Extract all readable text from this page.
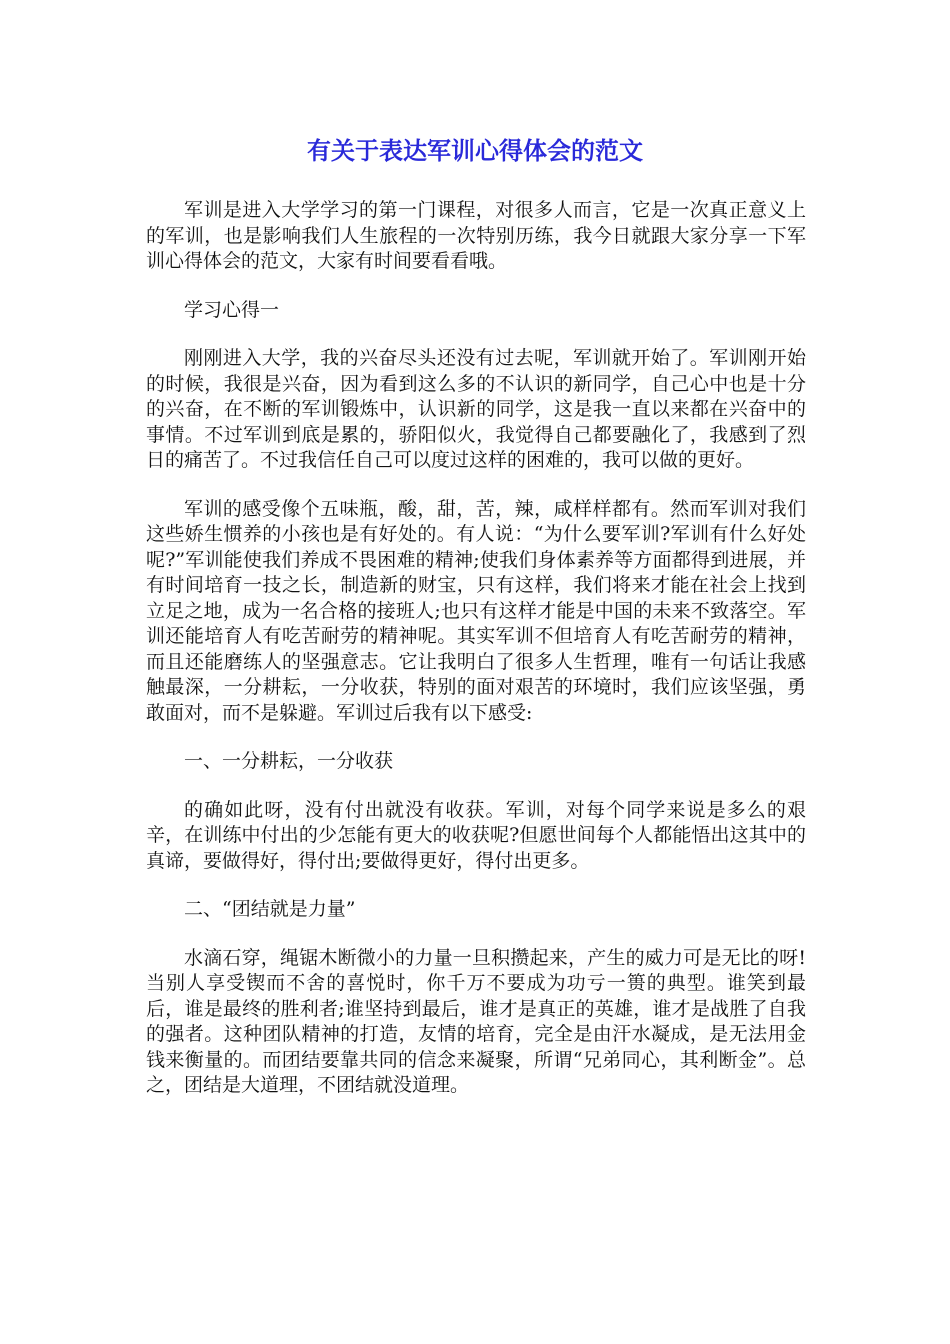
有关于表达军训心得体会的范文

军训是进入大学学习的第一门课程，对很多人而言，它是一次真正意义上的军训，也是影响我们人生旅程的一次特别历练，我今日就跟大家分享一下军训心得体会的范文，大家有时间要看看哦。

学习心得一

刚刚进入大学，我的兴奋尽头还没有过去呢，军训就开始了。军训刚开始的时候，我很是兴奋，因为看到这么多的不认识的新同学，自己心中也是十分的兴奋，在不断的军训锻炼中，认识新的同学，这是我一直以来都在兴奋中的事情。不过军训到底是累的，骄阳似火，我觉得自己都要融化了，我感到了烈日的痛苦了。不过我信任自己可以度过这样的困难的，我可以做的更好。

军训的感受像个五味瓶，酸，甜，苦，辣，咸样样都有。然而军训对我们这些娇生惯养的小孩也是有好处的。有人说：“为什么要军训?军训有什么好处呢?”军训能使我们养成不畏困难的精神;使我们身体素养等方面都得到进展，并有时间培育一技之长，制造新的财宝，只有这样，我们将来才能在社会上找到立足之地，成为一名合格的接班人;也只有这样才能是中国的未来不致落空。军训还能培育人有吃苦耐劳的精神呢。其实军训不但培育人有吃苦耐劳的精神，而且还能磨练人的坚强意志。它让我明白了很多人生哲理，唯有一句话让我感触最深，一分耕耘，一分收获，特别的面对艰苦的环境时，我们应该坚强，勇敢面对，而不是躲避。军训过后我有以下感受:

一、一分耕耘，一分收获

的确如此呀，没有付出就没有收获。军训，对每个同学来说是多么的艰辛，在训练中付出的少怎能有更大的收获呢?但愿世间每个人都能悟出这其中的真谛，要做得好，得付出;要做得更好，得付出更多。

二、“团结就是力量”

水滴石穿，绳锯木断微小的力量一旦积攒起来，产生的威力可是无比的呀!当别人享受锲而不舍的喜悦时，你千万不要成为功亏一篑的典型。谁笑到最后，谁是最终的胜利者;谁坚持到最后，谁才是真正的英雄，谁才是战胜了自我的强者。这种团队精神的打造，友情的培育，完全是由汗水凝成，是无法用金钱来衡量的。而团结要靠共同的信念来凝聚，所谓“兄弟同心，其利断金”。总之，团结是大道理，不团结就没道理。
